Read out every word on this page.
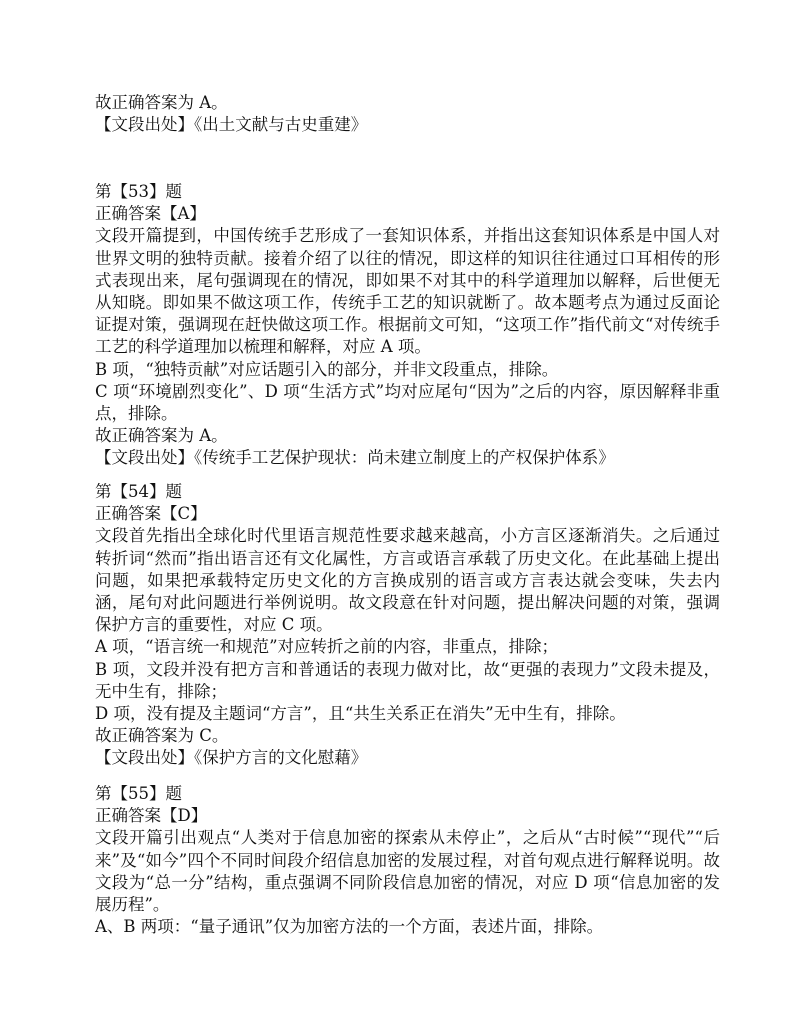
故正确答案为 A。

【文段出处】《出土文献与古史重建》

第【53】题

正确答案【A】

文段开篇提到，中国传统手艺形成了一套知识体系，并指出这套知识体系是中国人对世界文明的独特贡献。接着介绍了以往的情况，即这样的知识往往通过口耳相传的形式表现出来，尾句强调现在的情况，即如果不对其中的科学道理加以解释，后世便无从知晓。即如果不做这项工作，传统手工艺的知识就断了。故本题考点为通过反面论证提对策，强调现在赶快做这项工作。根据前文可知，“这项工作”指代前文“对传统手工艺的科学道理加以梳理和解释，对应 A 项。

B 项，“独特贡献”对应话题引入的部分，并非文段重点，排除。

C 项“环境剧烈变化”、D 项“生活方式”均对应尾句“因为”之后的内容，原因解释非重点，排除。

故正确答案为 A。

【文段出处】《传统手工艺保护现状：尚未建立制度上的产权保护体系》

第【54】题

正确答案【C】

文段首先指出全球化时代里语言规范性要求越来越高，小方言区逐渐消失。之后通过转折词“然而”指出语言还有文化属性，方言或语言承载了历史文化。在此基础上提出问题，如果把承载特定历史文化的方言换成别的语言或方言表达就会变味，失去内涵，尾句对此问题进行举例说明。故文段意在针对问题，提出解决问题的对策，强调保护方言的重要性，对应 C 项。

A 项，“语言统一和规范”对应转折之前的内容，非重点，排除；

B 项，文段并没有把方言和普通话的表现力做对比，故“更强的表现力”文段未提及，无中生有，排除；

D 项，没有提及主题词“方言”，且“共生关系正在消失”无中生有，排除。

故正确答案为 C。

【文段出处】《保护方言的文化慰藉》

第【55】题

正确答案【D】

文段开篇引出观点“人类对于信息加密的探索从未停止”，之后从“古时候”“现代”“后来”及“如今”四个不同时间段介绍信息加密的发展过程，对首句观点进行解释说明。故文段为“总一分”结构，重点强调不同阶段信息加密的情况，对应 D 项“信息加密的发展历程”。

A、B 两项：“量子通讯”仅为加密方法的一个方面，表述片面，排除。
